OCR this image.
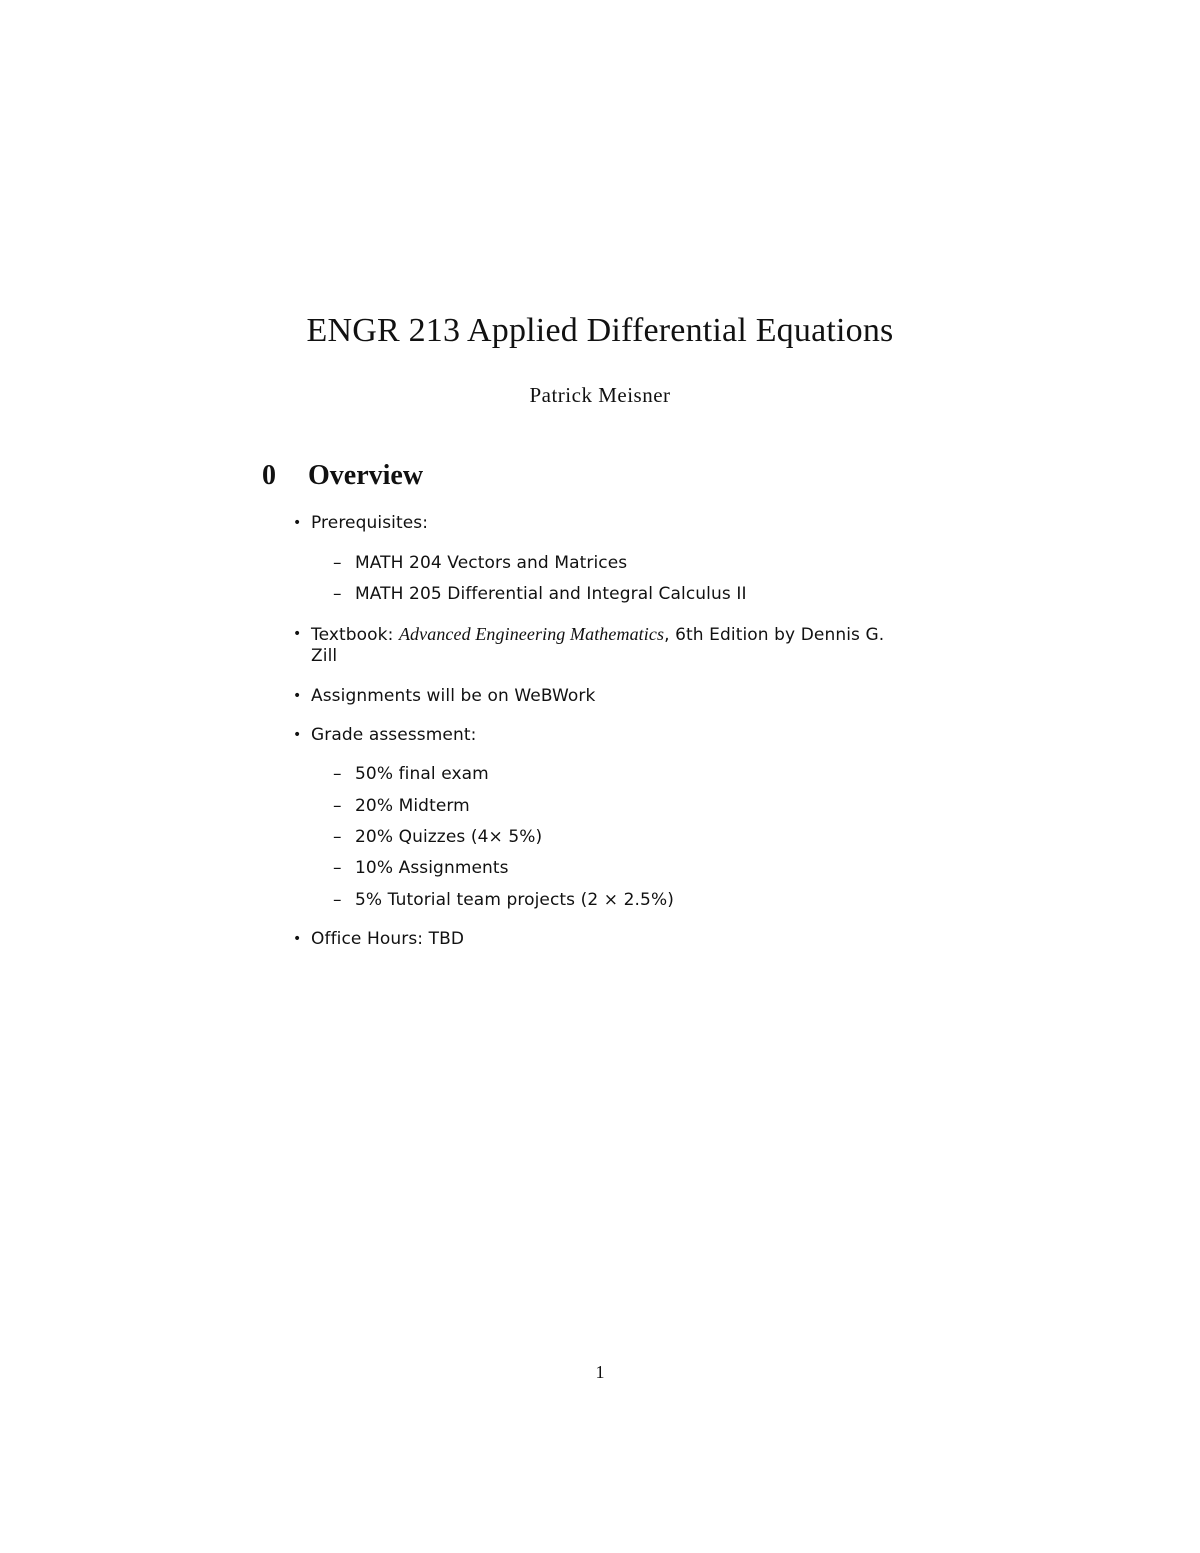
ENGR 213 Applied Differential Equations
Patrick Meisner
0 Overview
• Prerequisites:
– MATH 204 Vectors and Matrices
– MATH 205 Differential and Integral Calculus II
• Textbook: Advanced Engineering Mathematics, 6th Edition by Dennis G.
Zill
• Assignments will be on WeBWork
• Grade assessment:
– 50% final exam
– 20% Midterm
– 20% Quizzes (4× 5%)
– 10% Assignments
– 5% Tutorial team projects (2 × 2.5%)
• Office Hours: TBD
1
